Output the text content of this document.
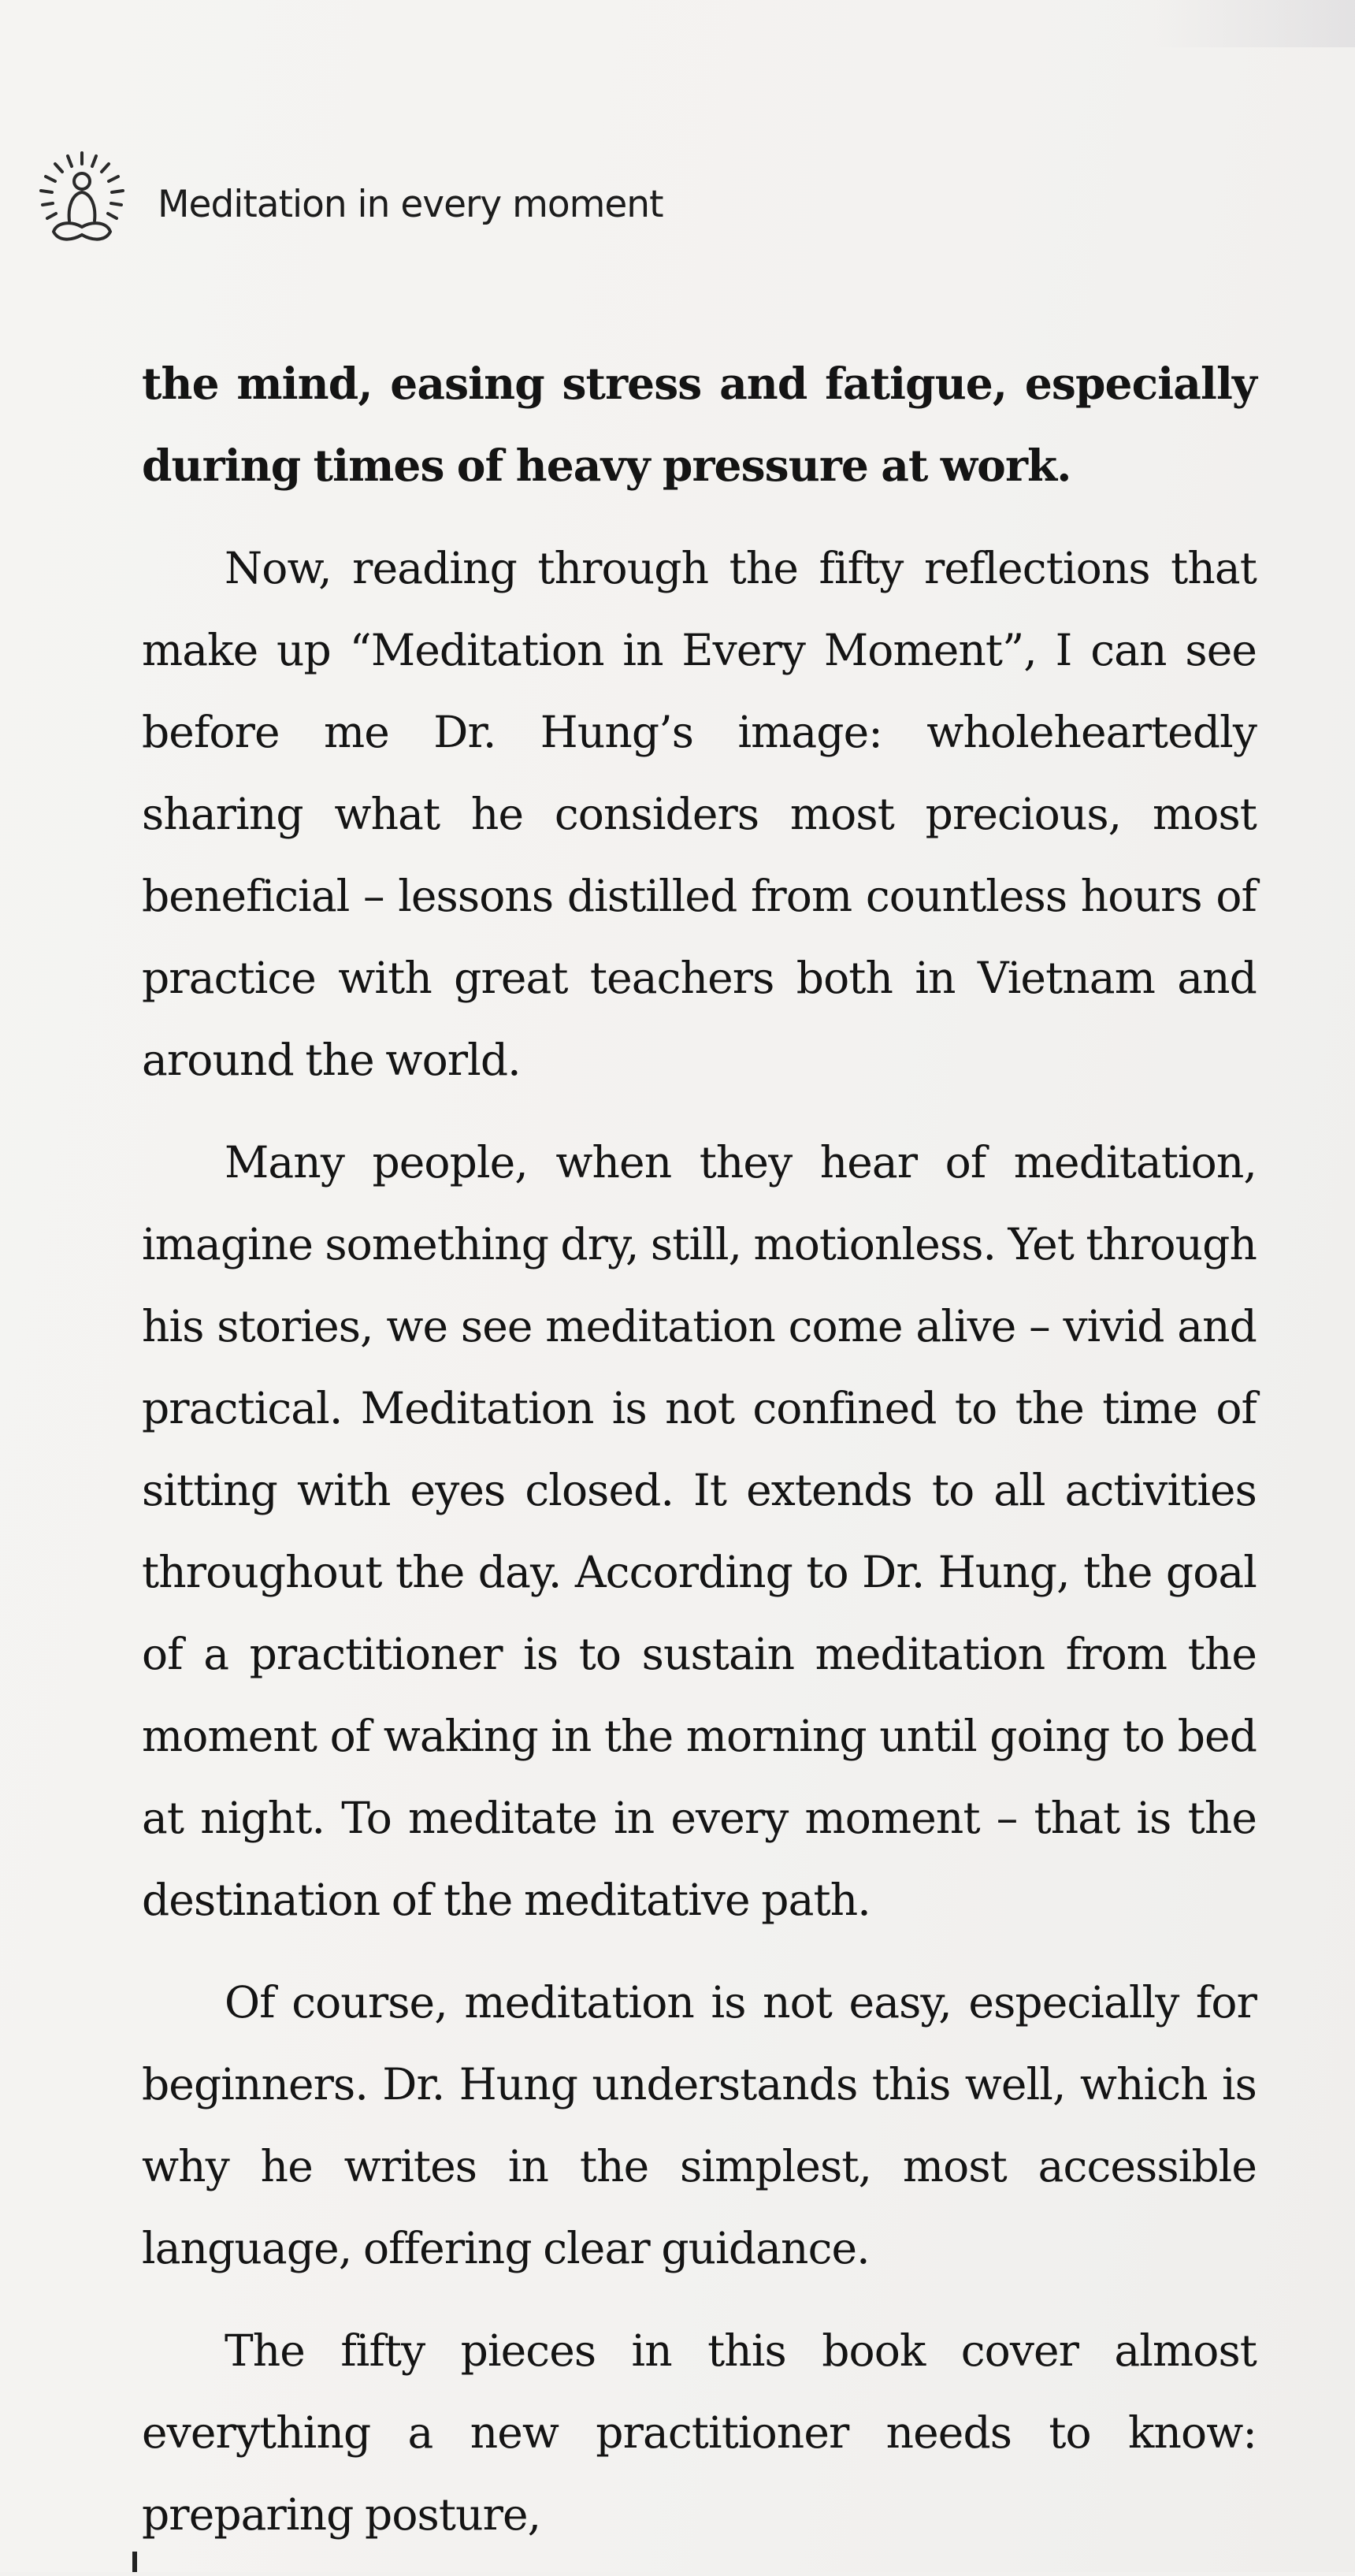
Meditation in every moment

the mind, easing stress and fatigue, especially during times of heavy pressure at work.

Now, reading through the fifty reflections that make up “Meditation in Every Moment”, I can see before me Dr. Hung’s image: wholeheartedly sharing what he considers most precious, most beneficial – lessons distilled from countless hours of practice with great teachers both in Vietnam and around the world.

Many people, when they hear of meditation, imagine something dry, still, motionless. Yet through his stories, we see meditation come alive – vivid and practical. Meditation is not confined to the time of sitting with eyes closed. It extends to all activities throughout the day. According to Dr. Hung, the goal of a practitioner is to sustain meditation from the moment of waking in the morning until going to bed at night. To meditate in every moment – that is the destination of the meditative path.

Of course, meditation is not easy, especially for beginners. Dr. Hung understands this well, which is why he writes in the simplest, most accessible language, offering clear guidance.

The fifty pieces in this book cover almost everything a new practitioner needs to know: preparing posture,
